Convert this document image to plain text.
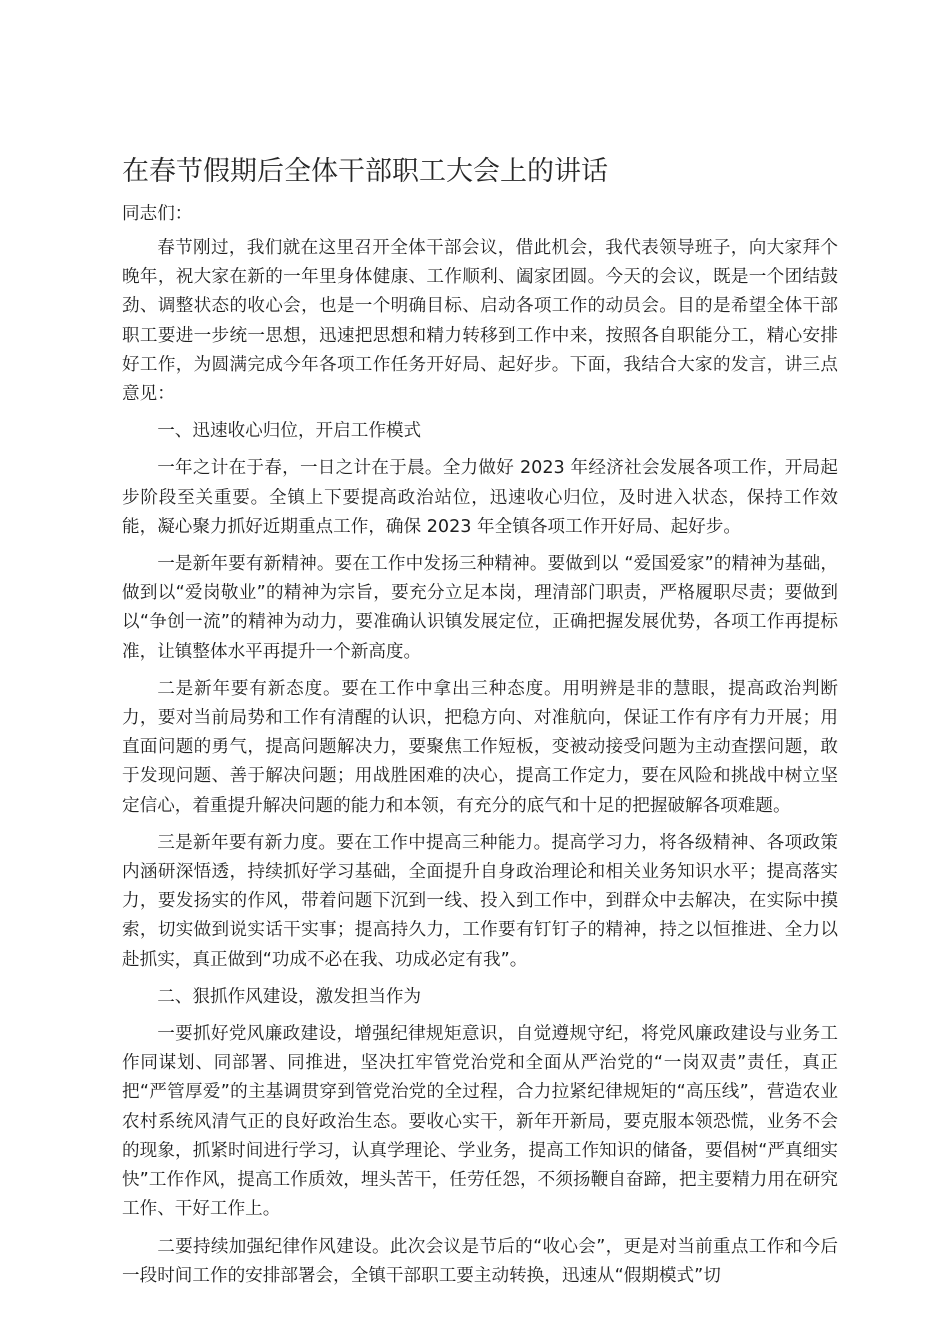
在春节假期后全体干部职工大会上的讲话

同志们：

春节刚过，我们就在这里召开全体干部会议，借此机会，我代表领导班子，向大家拜个晚年，祝大家在新的一年里身体健康、工作顺利、阖家团圆。今天的会议，既是一个团结鼓劲、调整状态的收心会，也是一个明确目标、启动各项工作的动员会。目的是希望全体干部职工要进一步统一思想，迅速把思想和精力转移到工作中来，按照各自职能分工，精心安排好工作，为圆满完成今年各项工作任务开好局、起好步。下面，我结合大家的发言，讲三点意见：

一、迅速收心归位，开启工作模式

一年之计在于春，一日之计在于晨。全力做好 2023 年经济社会发展各项工作，开局起步阶段至关重要。全镇上下要提高政治站位，迅速收心归位，及时进入状态，保持工作效能，凝心聚力抓好近期重点工作，确保 2023 年全镇各项工作开好局、起好步。

一是新年要有新精神。要在工作中发扬三种精神。要做到以 “爱国爱家”的精神为基础，做到以“爱岗敬业”的精神为宗旨，要充分立足本岗，理清部门职责，严格履职尽责；要做到以“争创一流”的精神为动力，要准确认识镇发展定位，正确把握发展优势，各项工作再提标准，让镇整体水平再提升一个新高度。

二是新年要有新态度。要在工作中拿出三种态度。用明辨是非的慧眼，提高政治判断力，要对当前局势和工作有清醒的认识，把稳方向、对准航向，保证工作有序有力开展；用直面问题的勇气，提高问题解决力，要聚焦工作短板，变被动接受问题为主动查摆问题，敢于发现问题、善于解决问题；用战胜困难的决心，提高工作定力，要在风险和挑战中树立坚定信心，着重提升解决问题的能力和本领，有充分的底气和十足的把握破解各项难题。

三是新年要有新力度。要在工作中提高三种能力。提高学习力，将各级精神、各项政策内涵研深悟透，持续抓好学习基础，全面提升自身政治理论和相关业务知识水平；提高落实力，要发扬实的作风，带着问题下沉到一线、投入到工作中，到群众中去解决，在实际中摸索，切实做到说实话干实事；提高持久力，工作要有钉钉子的精神，持之以恒推进、全力以赴抓实，真正做到“功成不必在我、功成必定有我”。

二、狠抓作风建设，激发担当作为

一要抓好党风廉政建设，增强纪律规矩意识，自觉遵规守纪，将党风廉政建设与业务工作同谋划、同部署、同推进，坚决扛牢管党治党和全面从严治党的“一岗双责”责任，真正把“严管厚爱”的主基调贯穿到管党治党的全过程，合力拉紧纪律规矩的“高压线”，营造农业农村系统风清气正的良好政治生态。要收心实干，新年开新局，要克服本领恐慌，业务不会的现象，抓紧时间进行学习，认真学理论、学业务，提高工作知识的储备，要倡树“严真细实快”工作作风，提高工作质效，埋头苦干，任劳任怨，不须扬鞭自奋蹄，把主要精力用在研究工作、干好工作上。

二要持续加强纪律作风建设。此次会议是节后的“收心会”，更是对当前重点工作和今后一段时间工作的安排部署会，全镇干部职工要主动转换，迅速从“假期模式”切
